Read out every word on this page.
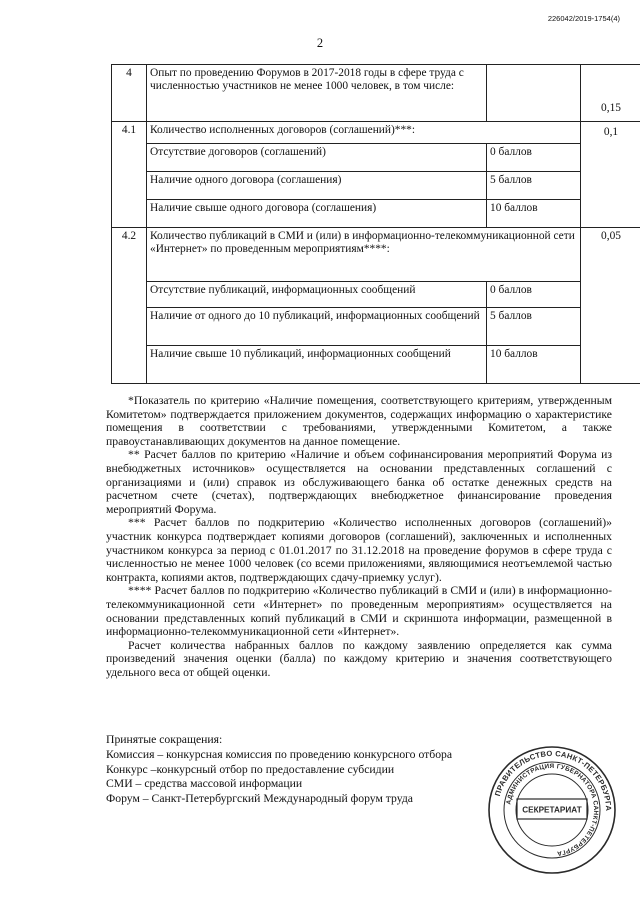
226042/2019-1754(4)
2
4	Опыт по проведению Форумов в 2017-2018 годы в сфере труда с численностью участников не менее 1000 человек, в том числе:		0,15
4.1	Количество исполненных договоров (соглашений)***:		0,1
	Отсутствие договоров (соглашений)	0 баллов	
	Наличие одного договора (соглашения)	5 баллов	
	Наличие свыше одного договора (соглашения)	10 баллов	
4.2	Количество публикаций в СМИ и (или) в информационно-телекоммуникационной сети «Интернет» по проведенным мероприятиям****:		0,05
	Отсутствие публикаций, информационных сообщений	0 баллов	
	Наличие от одного до 10 публикаций, информационных сообщений	5 баллов	
	Наличие свыше 10 публикаций, информационных сообщений	10 баллов	

*Показатель по критерию «Наличие помещения, соответствующего критериям, утвержденным Комитетом» подтверждается приложением документов, содержащих информацию о характеристике помещения в соответствии с требованиями, утвержденными Комитетом, а также правоустанавливающих документов на данное помещение.

** Расчет баллов по критерию «Наличие и объем софинансирования мероприятий Форума из внебюджетных источников» осуществляется на основании представленных соглашений с организациями и (или) справок из обслуживающего банка об остатке денежных средств на расчетном счете (счетах), подтверждающих внебюджетное финансирование проведения мероприятий Форума.

*** Расчет баллов по подкритерию «Количество исполненных договоров (соглашений)» участник конкурса подтверждает копиями договоров (соглашений), заключенных и исполненных участником конкурса за период с 01.01.2017 по 31.12.2018 на проведение форумов в сфере труда с численностью не менее 1000 человек (со всеми приложениями, являющимися неотъемлемой частью контракта, копиями актов, подтверждающих сдачу-приемку услуг).

**** Расчет баллов по подкритерию «Количество публикаций в СМИ и (или) в информационно-телекоммуникационной сети «Интернет» по проведенным мероприятиям» осуществляется на основании представленных копий публикаций в СМИ и скриншота информации, размещенной в информационно-телекоммуникационной сети «Интернет».

Расчет количества набранных баллов по каждому заявлению определяется как сумма произведений значения оценки (балла) по каждому критерию и значения соответствующего удельного веса от общей оценки.

Принятые сокращения:

Комиссия – конкурсная комиссия по проведению конкурсного отбора

Конкурс –конкурсный отбор по предоставление субсидии

СМИ – средства массовой информации

Форум – Санкт-Петербургский Международный форум труда	ПРАВИТЕЛЬСТВО САНКТ-ПЕТЕРБУРГА
АДМИНИСТРАЦИЯ ГУБЕРНАТОРА САНКТ-ПЕТЕРБУРГА
СЕКРЕТАРИАТ
